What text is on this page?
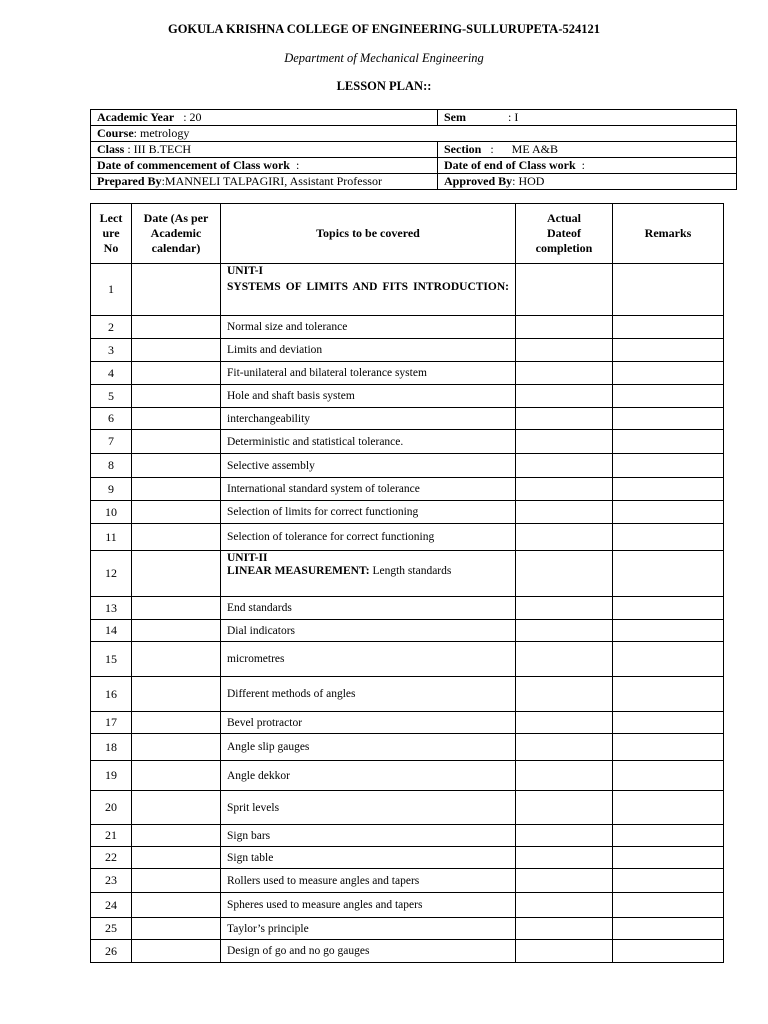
GOKULA KRISHNA COLLEGE OF ENGINEERING-SULLURUPETA-524121
Department of Mechanical Engineering
LESSON PLAN::
Academic Year : 20	Sem : I
Course: metrology	
Class : III B.TECH	Section :      ME A&B
Date of commencement of Class work :	Date of end of Class work :
Prepared By:MANNELI TALPAGIRI, Assistant Professor	Approved By: HOD
Lect ure No	Date (As per Academic calendar)	Topics to be covered	Actual Dateof completion	Remarks
1		UNIT-I
SYSTEMS OF LIMITS AND FITS INTRODUCTION:		

2		Normal size and tolerance		
3		Limits and deviation		
4		Fit-unilateral and bilateral tolerance system		
5		Hole and shaft basis system		
6		interchangeability		
7		Deterministic and statistical tolerance.		
8		Selective assembly		
9		International standard system of tolerance		
10		Selection of limits for correct functioning		
11		Selection of tolerance for correct functioning		
12		UNIT-II
LINEAR MEASUREMENT: Length standards		

13		End standards		
14		Dial indicators		
15		micrometres		
16		Different methods of angles		
17		Bevel protractor		
18		Angle slip gauges		
19		Angle dekkor		
20		Sprit levels		
21		Sign bars		
22		Sign table		
23		Rollers used to measure angles and tapers		
24		Spheres used to measure angles and tapers		
25		Taylor’s principle		
26		Design of go and no go gauges		
